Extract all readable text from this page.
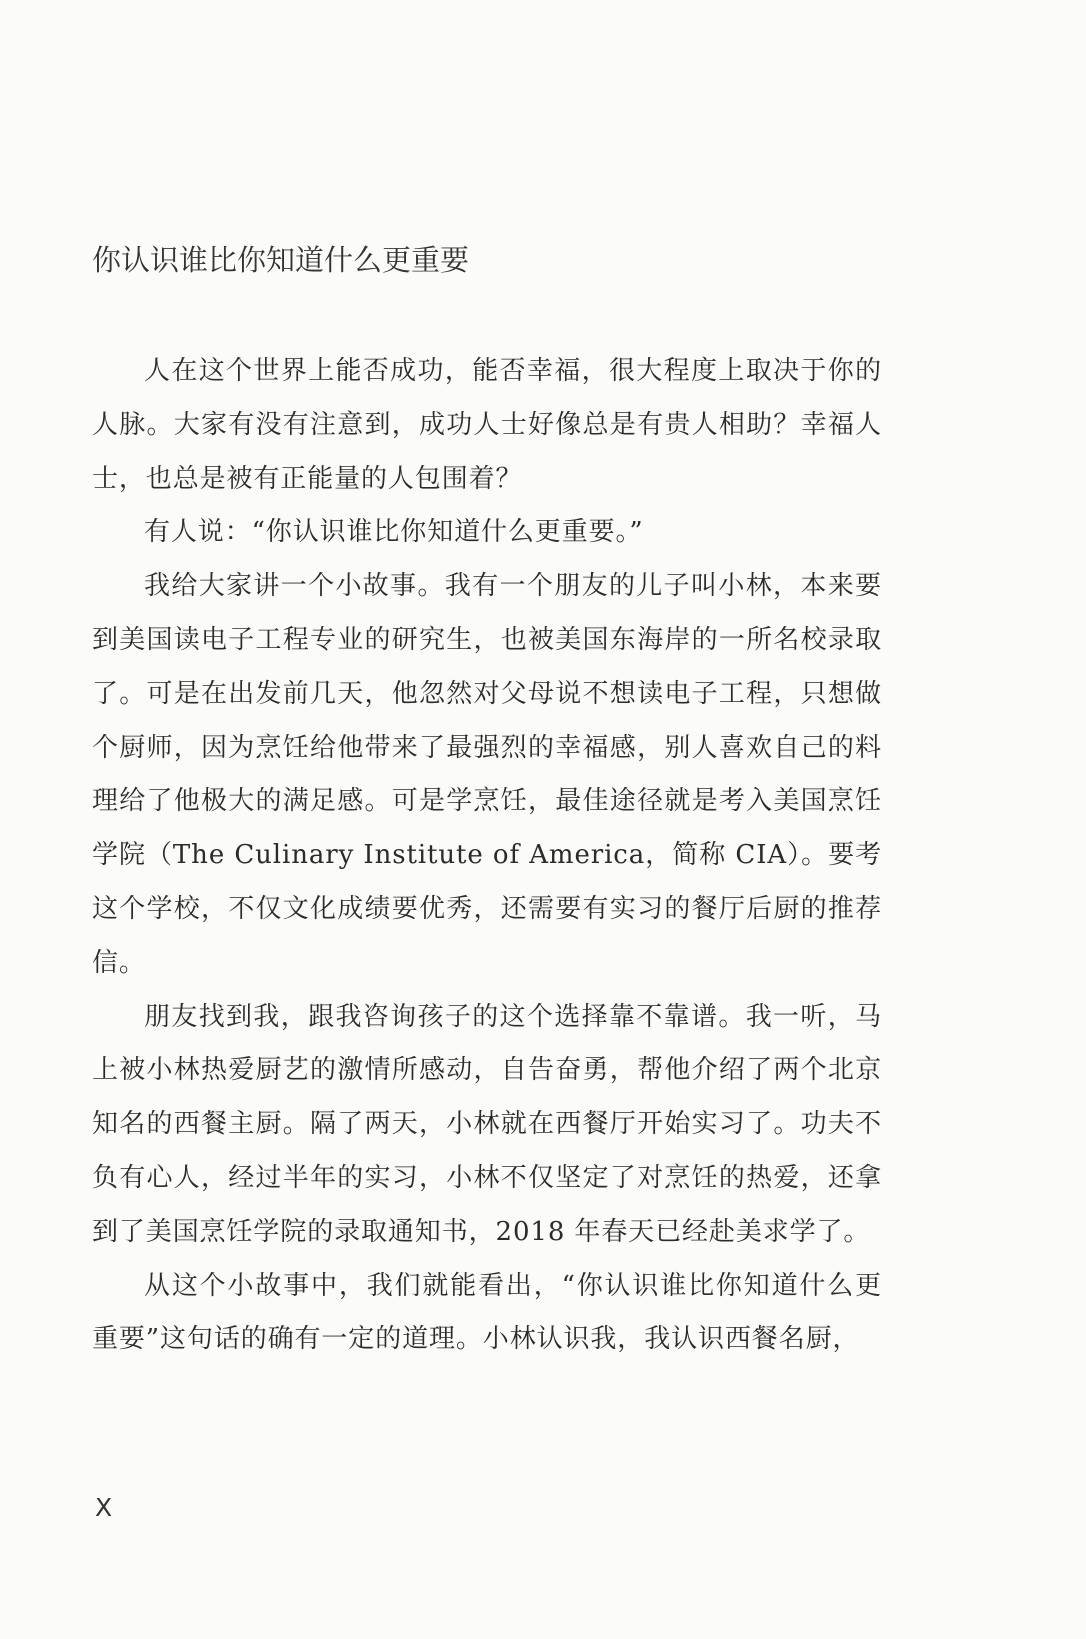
你认识谁比你知道什么更重要

人在这个世界上能否成功，能否幸福，很大程度上取决于你的人脉。大家有没有注意到，成功人士好像总是有贵人相助？幸福人士，也总是被有正能量的人包围着？

有人说：“你认识谁比你知道什么更重要。”

我给大家讲一个小故事。我有一个朋友的儿子叫小林，本来要到美国读电子工程专业的研究生，也被美国东海岸的一所名校录取了。可是在出发前几天，他忽然对父母说不想读电子工程，只想做个厨师，因为烹饪给他带来了最强烈的幸福感，别人喜欢自己的料理给了他极大的满足感。可是学烹饪，最佳途径就是考入美国烹饪学院（The Culinary Institute of America，简称 CIA）。要考这个学校，不仅文化成绩要优秀，还需要有实习的餐厅后厨的推荐信。

朋友找到我，跟我咨询孩子的这个选择靠不靠谱。我一听，马上被小林热爱厨艺的激情所感动，自告奋勇，帮他介绍了两个北京知名的西餐主厨。隔了两天，小林就在西餐厅开始实习了。功夫不负有心人，经过半年的实习，小林不仅坚定了对烹饪的热爱，还拿到了美国烹饪学院的录取通知书，2018 年春天已经赴美求学了。

从这个小故事中，我们就能看出，“你认识谁比你知道什么更重要”这句话的确有一定的道理。小林认识我，我认识西餐名厨，

X
